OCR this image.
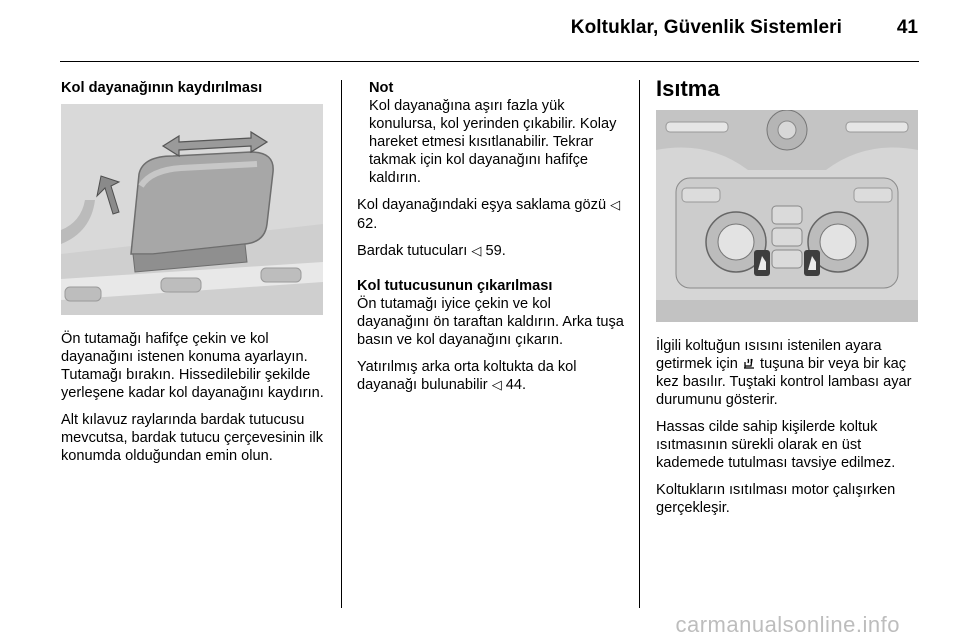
Koltuklar, Güvenlik Sistemleri	41
Kol dayanağının kaydırılması

Ön tutamağı hafifçe çekin ve kol dayanağını istenen konuma ayarlayın. Tutamağı bırakın. Hissedilebilir şekilde yerleşene kadar kol dayanağını kaydırın.

Alt kılavuz raylarında bardak tutucusu mevcutsa, bardak tutucu çerçevesinin ilk konumda olduğundan emin olun.

Not
Kol dayanağına aşırı fazla yük konulursa, kol yerinden çıkabilir. Kolay hareket etmesi kısıtlanabilir. Tekrar takmak için kol dayanağını hafifçe kaldırın.

Kol dayanağındaki eşya saklama gözü ◁ 62.

Bardak tutucuları ◁ 59.

Kol tutucusunun çıkarılması

Ön tutamağı iyice çekin ve kol dayanağını ön taraftan kaldırın. Arka tuşa basın ve kol dayanağını çıkarın.

Yatırılmış arka orta koltukta da kol dayanağı bulunabilir ◁ 44.

Isıtma

İlgili koltuğun ısısını istenilen ayara getirmek için tuşuna bir veya bir kaç kez basılır. Tuştaki kontrol lambası ayar durumunu gösterir.

Hassas cilde sahip kişilerde koltuk ısıtmasının sürekli olarak en üst kademede tutulması tavsiye edilmez.

Koltukların ısıtılması motor çalışırken gerçekleşir.

carmanualsonline.info
